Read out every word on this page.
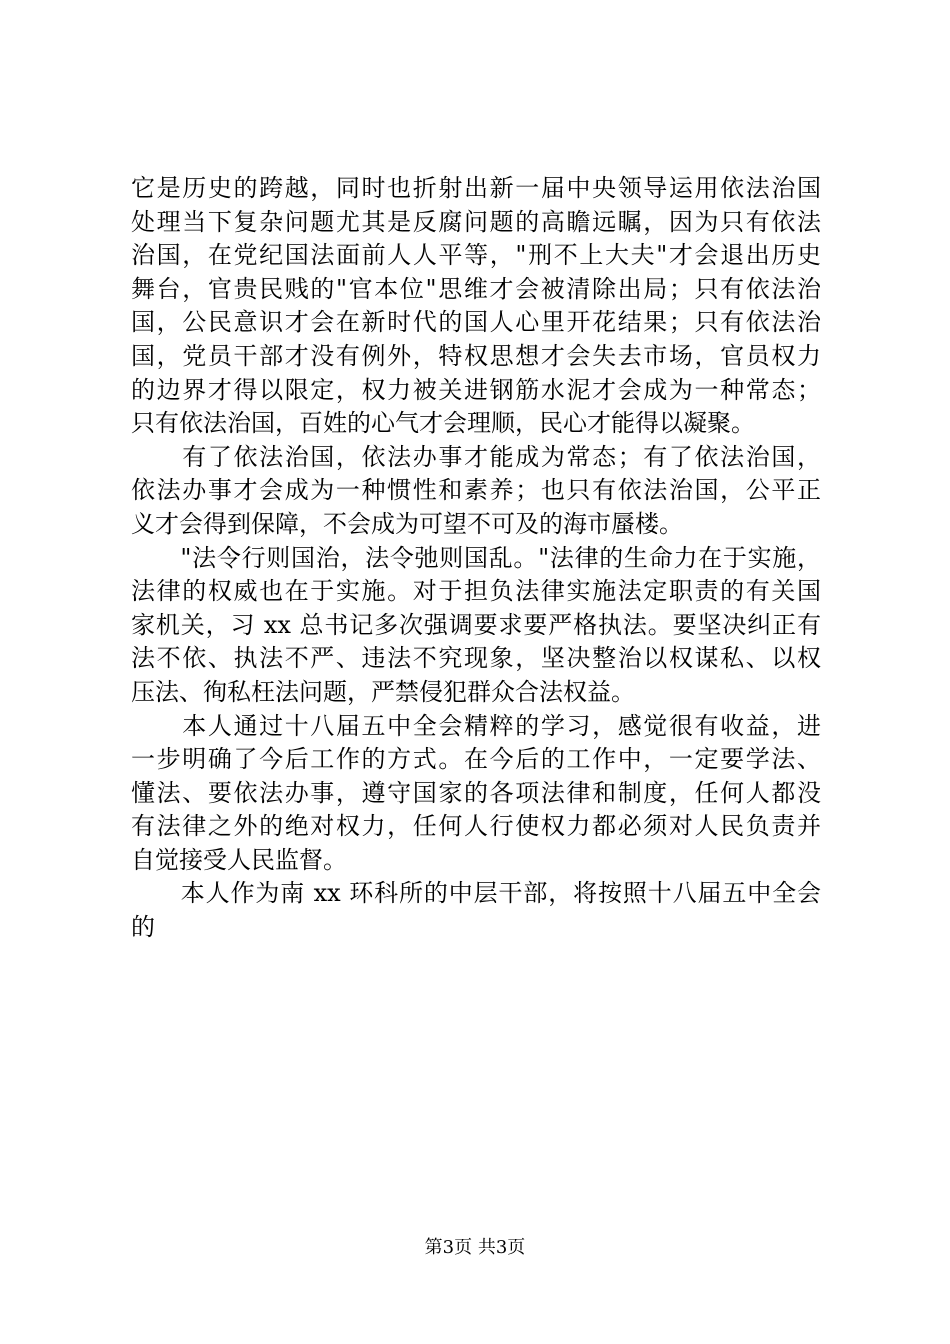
它是历史的跨越，同时也折射出新一届中央领导运用依法治国
处理当下复杂问题尤其是反腐问题的高瞻远瞩，因为只有依法
治国，在党纪国法面前人人平等，"刑不上大夫"才会退出历史
舞台，官贵民贱的"官本位"思维才会被清除出局；只有依法治
国，公民意识才会在新时代的国人心里开花结果；只有依法治
国，党员干部才没有例外，特权思想才会失去市场，官员权力
的边界才得以限定，权力被关进钢筋水泥才会成为一种常态；
只有依法治国，百姓的心气才会理顺，民心才能得以凝聚。
　　有了依法治国，依法办事才能成为常态；有了依法治国，
依法办事才会成为一种惯性和素养；也只有依法治国，公平正
义才会得到保障，不会成为可望不可及的海市蜃楼。
　　"法令行则国治，法令弛则国乱。"法律的生命力在于实施，
法律的权威也在于实施。对于担负法律实施法定职责的有关国
家机关，习 xx 总书记多次强调要求要严格执法。要坚决纠正有
法不依、执法不严、违法不究现象，坚决整治以权谋私、以权
压法、徇私枉法问题，严禁侵犯群众合法权益。
　　本人通过十八届五中全会精粹的学习，感觉很有收益，进
一步明确了今后工作的方式。在今后的工作中，一定要学法、
懂法、要依法办事，遵守国家的各项法律和制度，任何人都没
有法律之外的绝对权力，任何人行使权力都必须对人民负责并
自觉接受人民监督。
　　本人作为南 xx 环科所的中层干部，将按照十八届五中全会
的
第3页 共3页
